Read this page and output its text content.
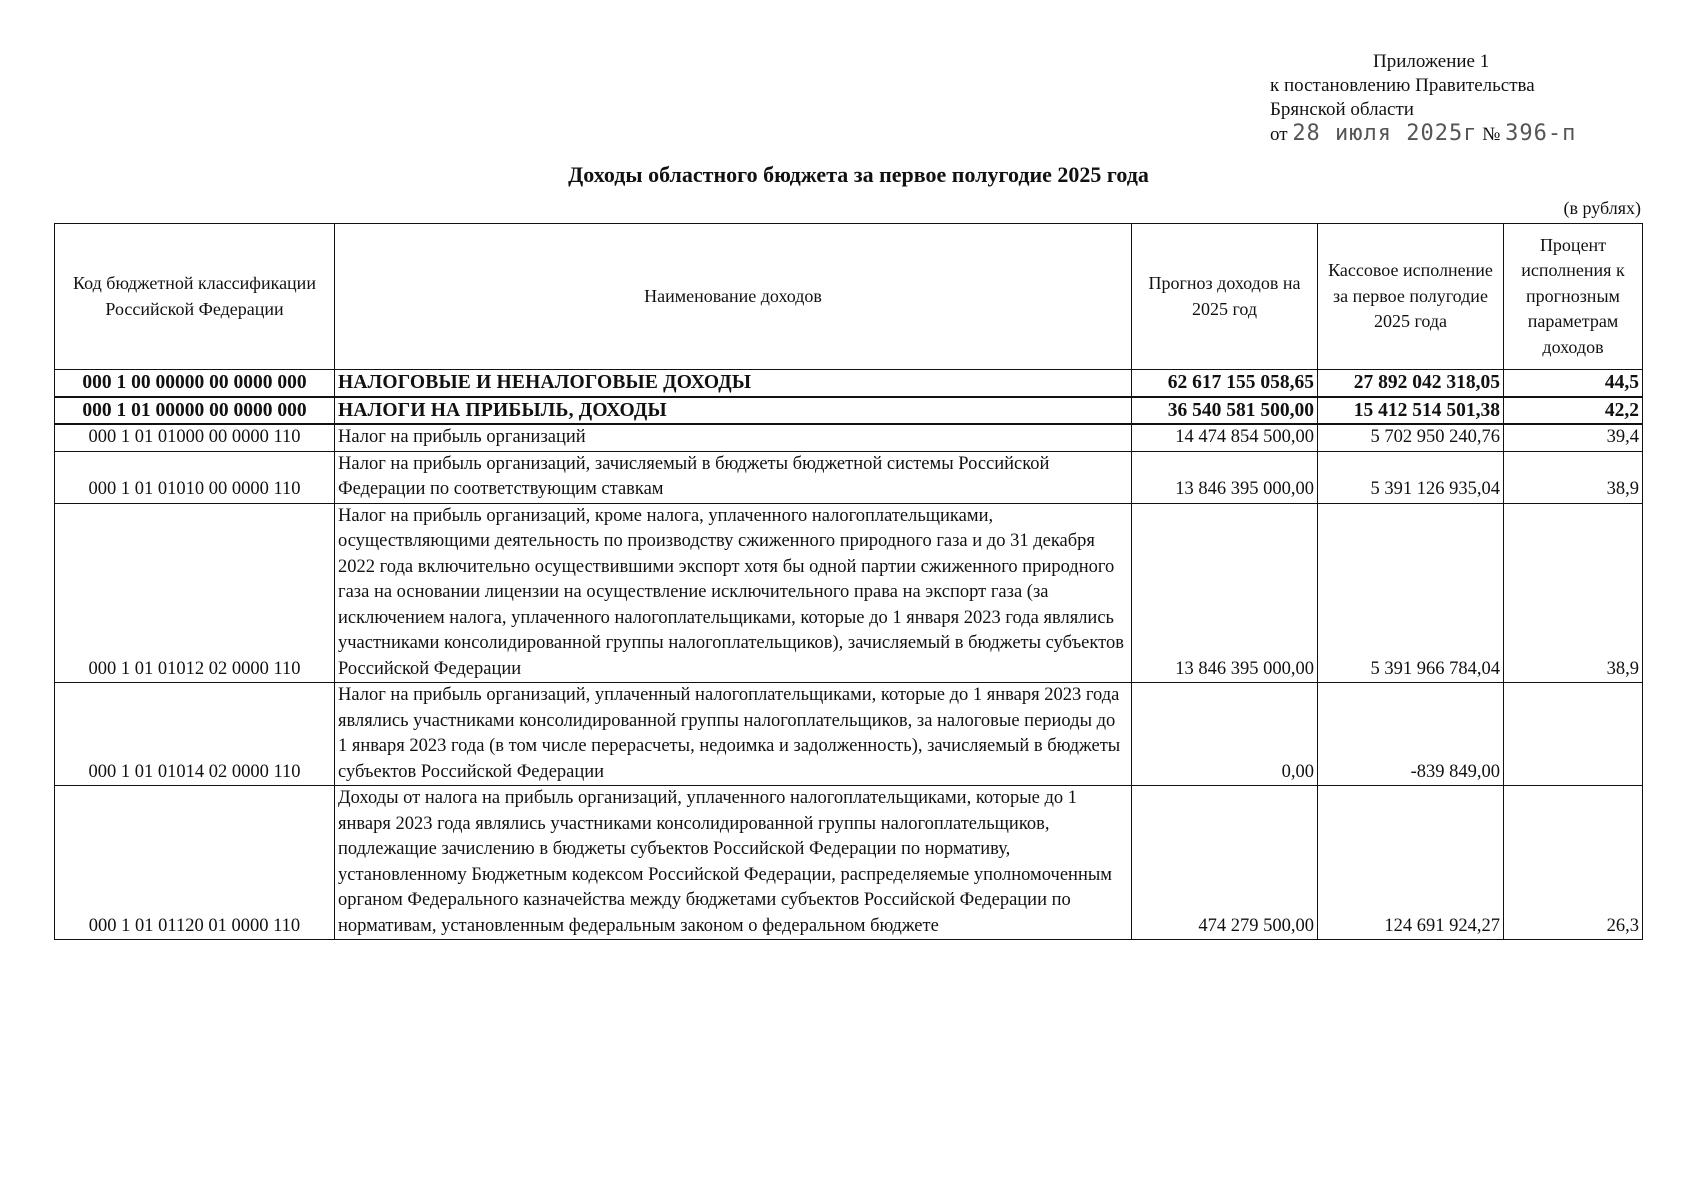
Приложение 1
к постановлению Правительства
Брянской области
от 28 июля 2025г № 396-п
Доходы областного бюджета за первое полугодие 2025 года
(в рублях)
Код бюджетной классификации Российской Федерации	Наименование доходов	Прогноз доходов на 2025 год	Кассовое исполнение за первое полугодие 2025 года	Процент исполнения к прогнозным параметрам доходов
000 1 00 00000 00 0000 000	НАЛОГОВЫЕ И НЕНАЛОГОВЫЕ ДОХОДЫ	62 617 155 058,65	27 892 042 318,05	44,5
000 1 01 00000 00 0000 000	НАЛОГИ НА ПРИБЫЛЬ, ДОХОДЫ	36 540 581 500,00	15 412 514 501,38	42,2
000 1 01 01000 00 0000 110	Налог на прибыль организаций	14 474 854 500,00	5 702 950 240,76	39,4
000 1 01 01010 00 0000 110	Налог на прибыль организаций, зачисляемый в бюджеты бюджетной системы Российской Федерации по соответствующим ставкам	13 846 395 000,00	5 391 126 935,04	38,9
000 1 01 01012 02 0000 110	Налог на прибыль организаций, кроме налога, уплаченного налогоплательщиками, осуществляющими деятельность по производству сжиженного природного газа и до 31 декабря 2022 года включительно осуществившими экспорт хотя бы одной партии сжиженного природного газа на основании лицензии на осуществление исключительного права на экспорт газа (за исключением налога, уплаченного налогоплательщиками, которые до 1 января 2023 года являлись участниками консолидированной группы налогоплательщиков), зачисляемый в бюджеты субъектов Российской Федерации	13 846 395 000,00	5 391 966 784,04	38,9
000 1 01 01014 02 0000 110	Налог на прибыль организаций, уплаченный налогоплательщиками, которые до 1 января 2023 года являлись участниками консолидированной группы налогоплательщиков, за налоговые периоды до 1 января 2023 года (в том числе перерасчеты, недоимка и задолженность), зачисляемый в бюджеты субъектов Российской Федерации	0,00	-839 849,00	
000 1 01 01120 01 0000 110	Доходы от налога на прибыль организаций, уплаченного налогоплательщиками, которые до 1 января 2023 года являлись участниками консолидированной группы налогоплательщиков, подлежащие зачислению в бюджеты субъектов Российской Федерации по нормативу, установленному Бюджетным кодексом Российской Федерации, распределяемые уполномоченным органом Федерального казначейства между бюджетами субъектов Российской Федерации по нормативам, установленным федеральным законом о федеральном бюджете	474 279 500,00	124 691 924,27	26,3
